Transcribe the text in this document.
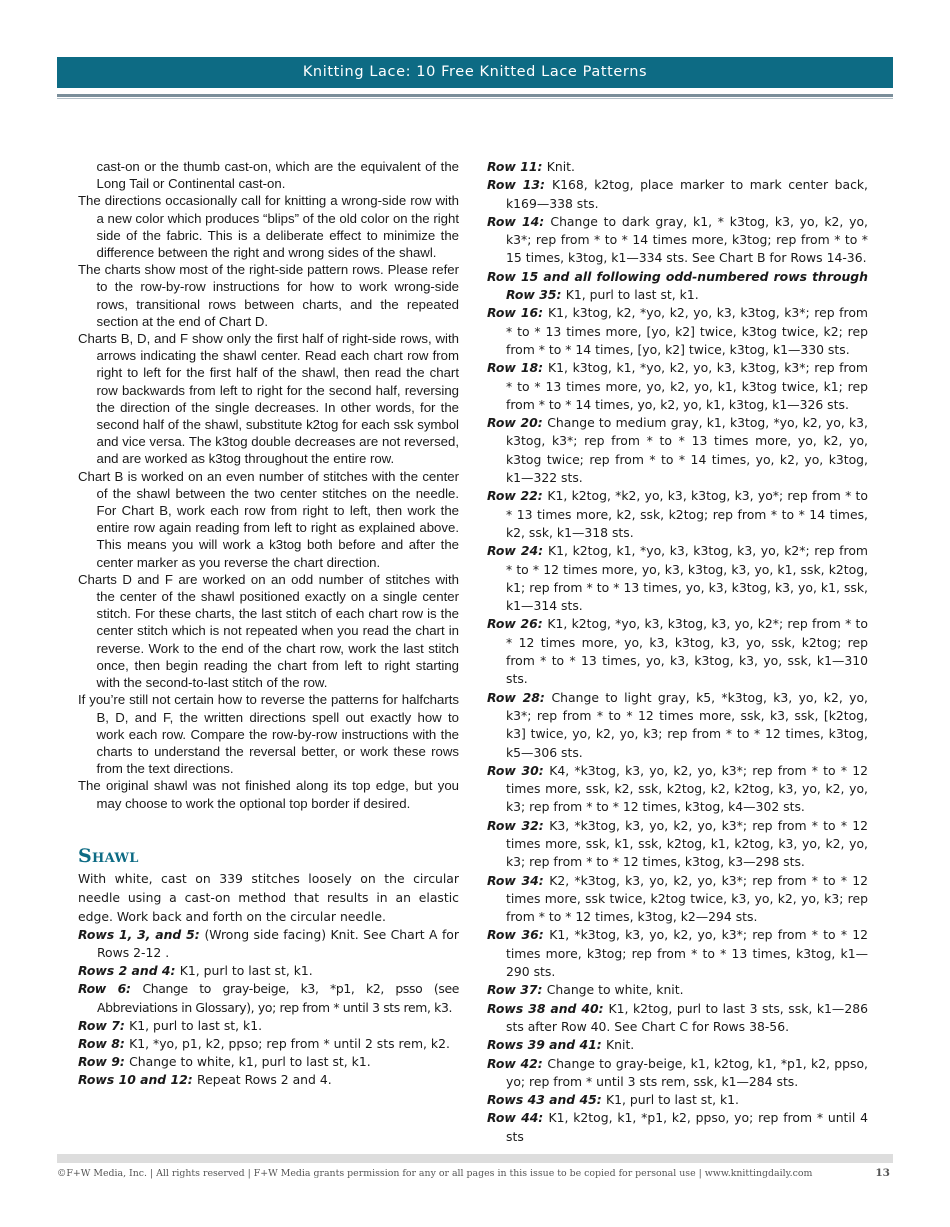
Knitting Lace: 10 Free Knitted Lace Patterns

cast-on or the thumb cast-on, which are the equivalent of the Long Tail or Continental cast-on.

The directions occasionally call for knitting a wrong-side row with a new color which produces “blips” of the old color on the right side of the fabric. This is a deliberate effect to minimize the difference between the right and wrong sides of the shawl.

The charts show most of the right-side pattern rows. Please refer to the row-by-row instructions for how to work wrong-side rows, transitional rows between charts, and the repeated section at the end of Chart D.

Charts B, D, and F show only the first half of right-side rows, with arrows indicating the shawl center. Read each chart row from right to left for the first half of the shawl, then read the chart row backwards from left to right for the second half, reversing the direction of the single decreases. In other words, for the second half of the shawl, substitute k2tog for each ssk symbol and vice versa. The k3tog double decreases are not reversed, and are worked as k3tog throughout the entire row.

Chart B is worked on an even number of stitches with the center of the shawl between the two center stitches on the needle. For Chart B, work each row from right to left, then work the entire row again reading from left to right as explained above. This means you will work a k3tog both before and after the center marker as you reverse the chart direction.

Charts D and F are worked on an odd number of stitches with the center of the shawl positioned exactly on a single center stitch. For these charts, the last stitch of each chart row is the center stitch which is not repeated when you read the chart in reverse. Work to the end of the chart row, work the last stitch once, then begin reading the chart from left to right starting with the second-to-last stitch of the row.

If you’re still not certain how to reverse the patterns for halfcharts B, D, and F, the written directions spell out exactly how to work each row. Compare the row-by-row instructions with the charts to understand the reversal better, or work these rows from the text directions.

The original shawl was not finished along its top edge, but you may choose to work the optional top border if desired.

Shawl

With white, cast on 339 stitches loosely on the circular needle using a cast-on method that results in an elastic edge. Work back and forth on the circular needle.

Rows 1, 3, and 5: (Wrong side facing) Knit. See Chart A for Rows 2-12 .

Rows 2 and 4: K1, purl to last st, k1.

Row 6: Change to gray-beige, k3, *p1, k2, psso (see Abbreviations in Glossary), yo; rep from * until 3 sts rem, k3.

Row 7: K1, purl to last st, k1.

Row 8: K1, *yo, p1, k2, ppso; rep from * until 2 sts rem, k2.

Row 9: Change to white, k1, purl to last st, k1.

Rows 10 and 12: Repeat Rows 2 and 4.

Row 11: Knit.

Row 13: K168, k2tog, place marker to mark center back, k169—338 sts.

Row 14: Change to dark gray, k1, * k3tog, k3, yo, k2, yo, k3*; rep from * to * 14 times more, k3tog; rep from * to * 15 times, k3tog, k1—334 sts. See Chart B for Rows 14-36.

Row 15 and all following odd-numbered rows through Row 35: K1, purl to last st, k1.

Row 16: K1, k3tog, k2, *yo, k2, yo, k3, k3tog, k3*; rep from * to * 13 times more, [yo, k2] twice, k3tog twice, k2; rep from * to * 14 times, [yo, k2] twice, k3tog, k1—330 sts.

Row 18: K1, k3tog, k1, *yo, k2, yo, k3, k3tog, k3*; rep from * to * 13 times more, yo, k2, yo, k1, k3tog twice, k1; rep from * to * 14 times, yo, k2, yo, k1, k3tog, k1—326 sts.

Row 20: Change to medium gray, k1, k3tog, *yo, k2, yo, k3, k3tog, k3*; rep from * to * 13 times more, yo, k2, yo, k3tog twice; rep from * to * 14 times, yo, k2, yo, k3tog, k1—322 sts.

Row 22: K1, k2tog, *k2, yo, k3, k3tog, k3, yo*; rep from * to * 13 times more, k2, ssk, k2tog; rep from * to * 14 times, k2, ssk, k1—318 sts.

Row 24: K1, k2tog, k1, *yo, k3, k3tog, k3, yo, k2*; rep from * to * 12 times more, yo, k3, k3tog, k3, yo, k1, ssk, k2tog, k1; rep from * to * 13 times, yo, k3, k3tog, k3, yo, k1, ssk, k1—314 sts.

Row 26: K1, k2tog, *yo, k3, k3tog, k3, yo, k2*; rep from * to * 12 times more, yo, k3, k3tog, k3, yo, ssk, k2tog; rep from * to * 13 times, yo, k3, k3tog, k3, yo, ssk, k1—310 sts.

Row 28: Change to light gray, k5, *k3tog, k3, yo, k2, yo, k3*; rep from * to * 12 times more, ssk, k3, ssk, [k2tog, k3] twice, yo, k2, yo, k3; rep from * to * 12 times, k3tog, k5—306 sts.

Row 30: K4, *k3tog, k3, yo, k2, yo, k3*; rep from * to * 12 times more, ssk, k2, ssk, k2tog, k2, k2tog, k3, yo, k2, yo, k3; rep from * to * 12 times, k3tog, k4—302 sts.

Row 32: K3, *k3tog, k3, yo, k2, yo, k3*; rep from * to * 12 times more, ssk, k1, ssk, k2tog, k1, k2tog, k3, yo, k2, yo, k3; rep from * to * 12 times, k3tog, k3—298 sts.

Row 34: K2, *k3tog, k3, yo, k2, yo, k3*; rep from * to * 12 times more, ssk twice, k2tog twice, k3, yo, k2, yo, k3; rep from * to * 12 times, k3tog, k2—294 sts.

Row 36: K1, *k3tog, k3, yo, k2, yo, k3*; rep from * to * 12 times more, k3tog; rep from * to * 13 times, k3tog, k1—290 sts.

Row 37: Change to white, knit.

Rows 38 and 40: K1, k2tog, purl to last 3 sts, ssk, k1—286 sts after Row 40. See Chart C for Rows 38-56.

Rows 39 and 41: Knit.

Row 42: Change to gray-beige, k1, k2tog, k1, *p1, k2, ppso, yo; rep from * until 3 sts rem, ssk, k1—284 sts.

Rows 43 and 45: K1, purl to last st, k1.

Row 44: K1, k2tog, k1, *p1, k2, ppso, yo; rep from * until 4 sts

©F+W Media, Inc. | All rights reserved | F+W Media grants permission for any or all pages in this issue to be copied for personal use | www.knittingdaily.com	13
